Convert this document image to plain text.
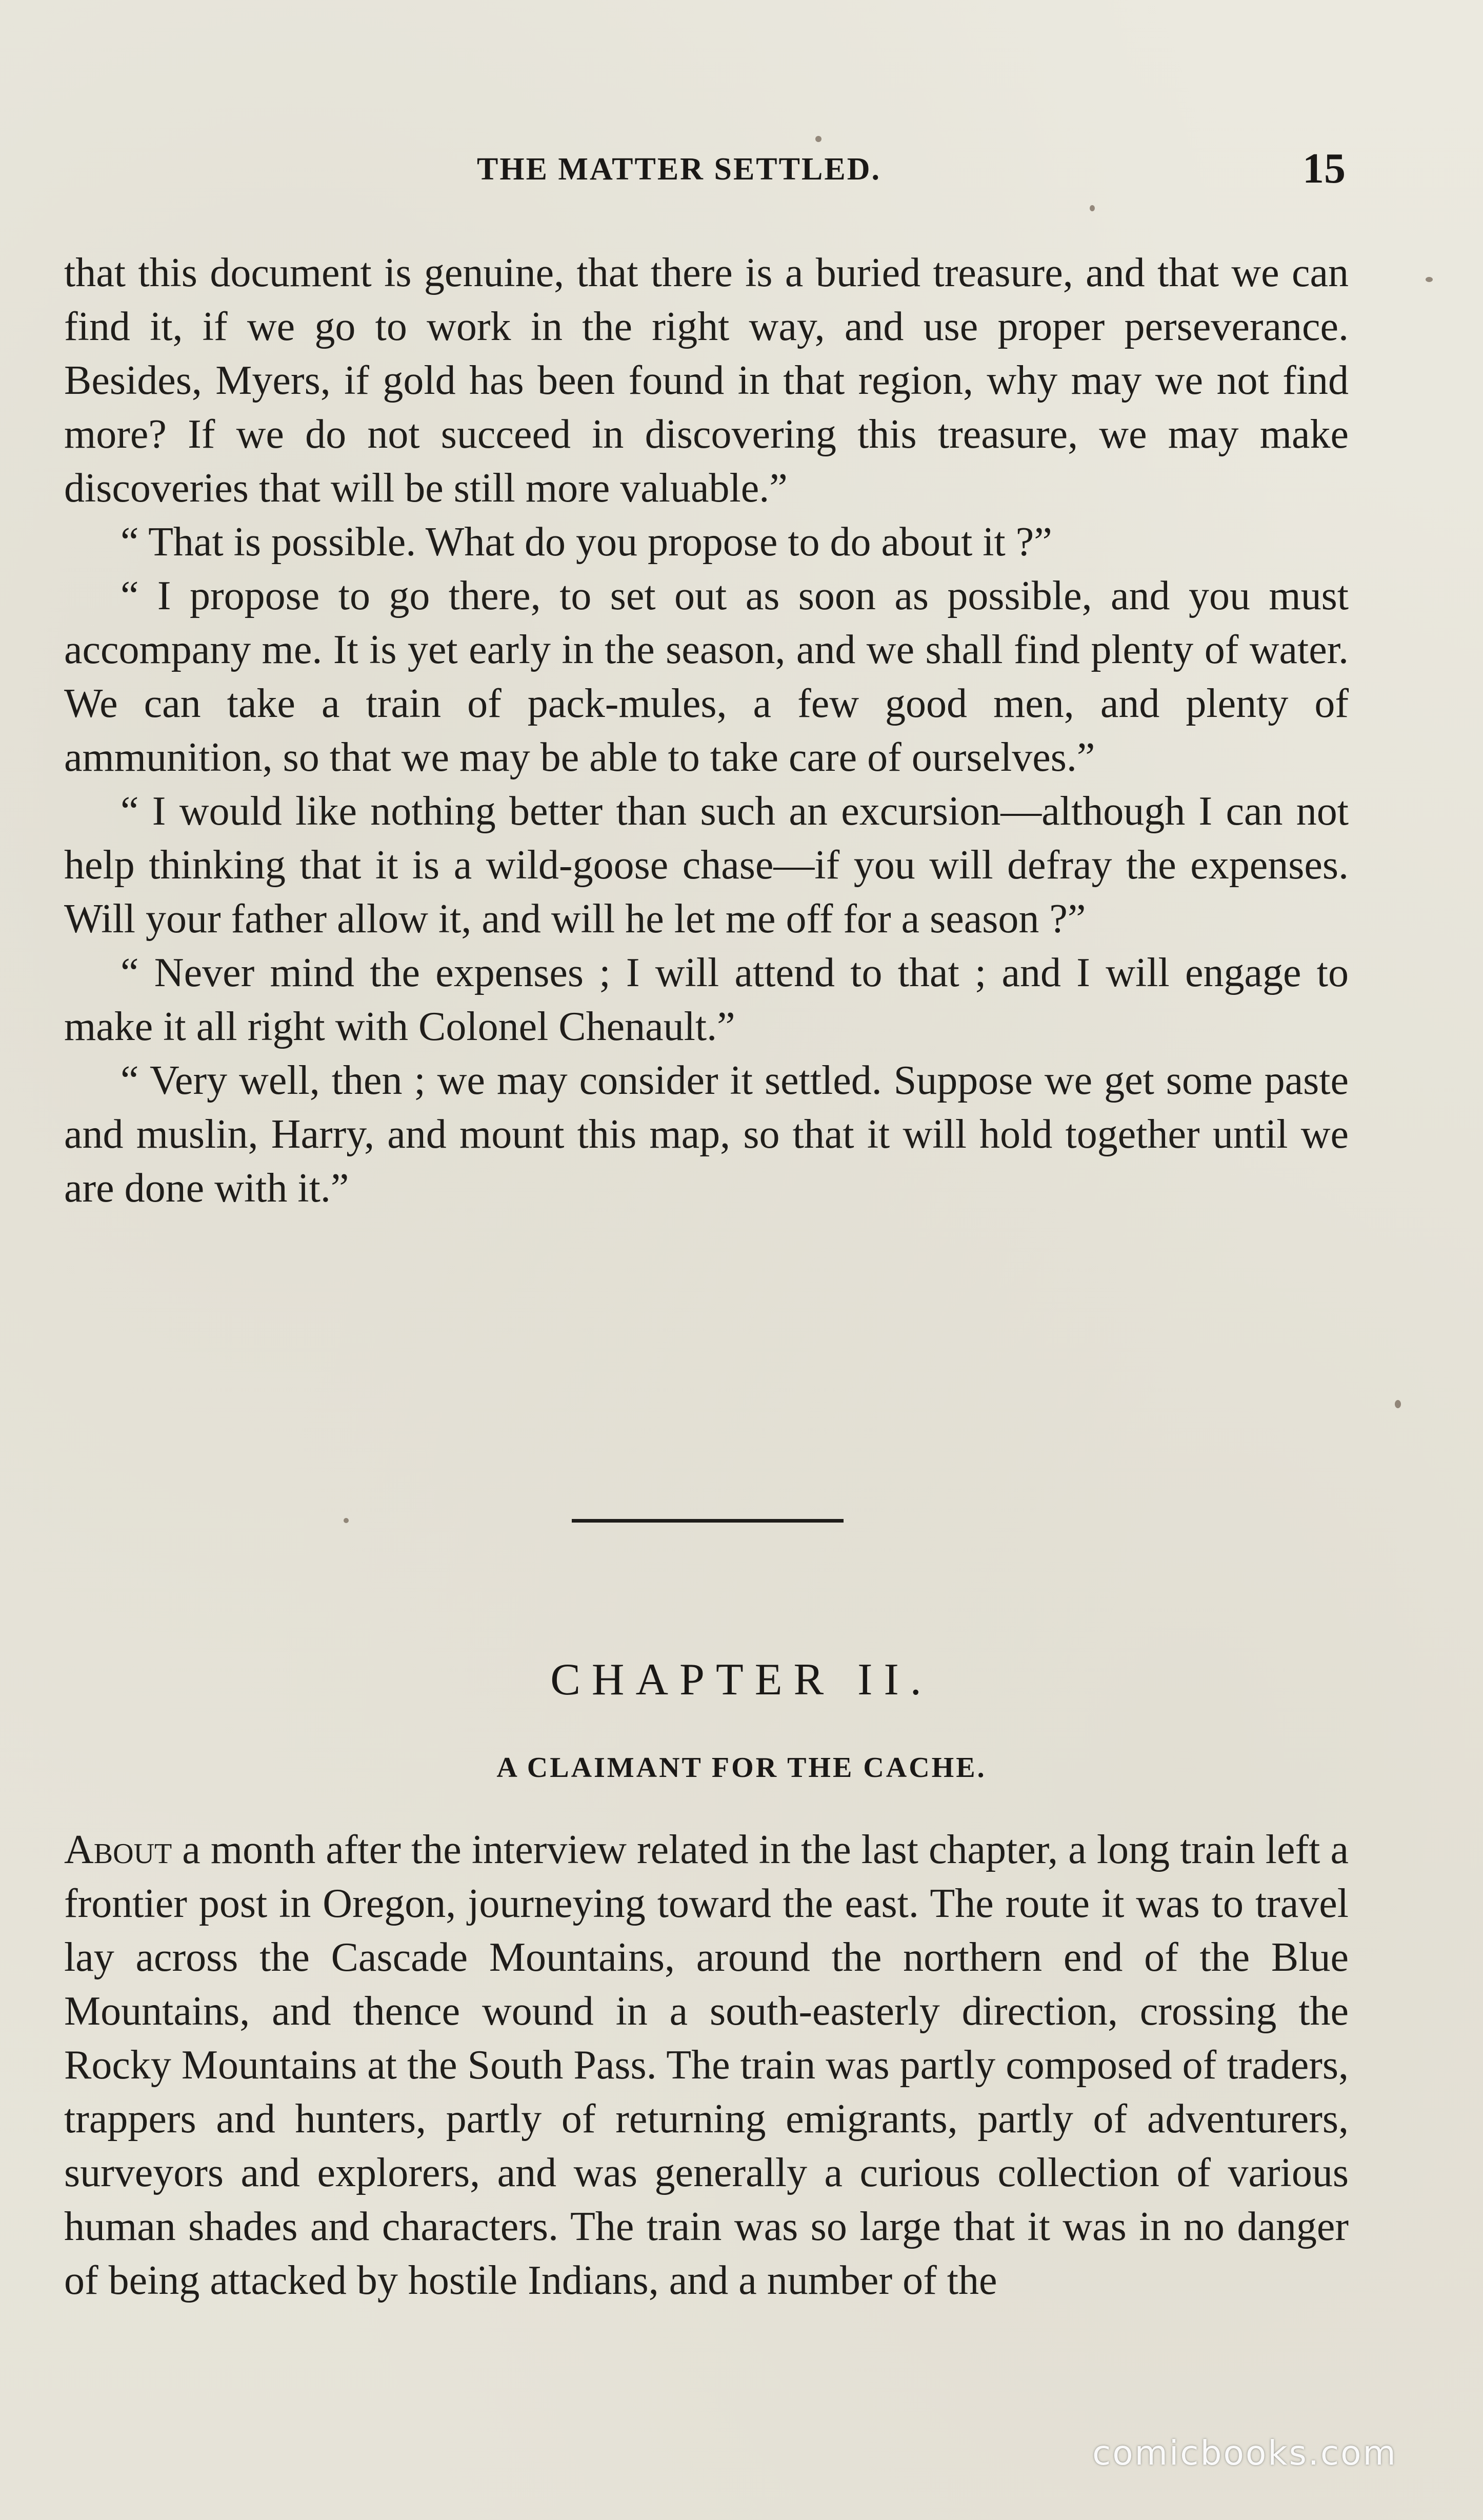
THE MATTER SETTLED.	15

that this document is genuine, that there is a buried treasure, and that we can find it, if we go to work in the right way, and use proper perseverance. Besides, Myers, if gold has been found in that region, why may we not find more? If we do not succeed in discovering this treasure, we may make discoveries that will be still more valuable.”

“ That is possible. What do you propose to do about it ?”

“ I propose to go there, to set out as soon as possible, and you must accompany me. It is yet early in the season, and we shall find plenty of water. We can take a train of pack-mules, a few good men, and plenty of ammunition, so that we may be able to take care of ourselves.”

“ I would like nothing better than such an excursion—although I can not help thinking that it is a wild-goose chase—if you will defray the expenses. Will your father allow it, and will he let me off for a season ?”

“ Never mind the expenses ; I will attend to that ; and I will engage to make it all right with Colonel Chenault.”

“ Very well, then ; we may consider it settled. Suppose we get some paste and muslin, Harry, and mount this map, so that it will hold together until we are done with it.”

CHAPTER II.
A CLAIMANT FOR THE CACHE.

About a month after the interview related in the last chapter, a long train left a frontier post in Oregon, journeying toward the east. The route it was to travel lay across the Cascade Mountains, around the northern end of the Blue Mountains, and thence wound in a south-easterly direction, crossing the Rocky Mountains at the South Pass. The train was partly composed of traders, trappers and hunters, partly of returning emigrants, partly of adventurers, surveyors and explorers, and was generally a curious collection of various human shades and characters. The train was so large that it was in no danger of being attacked by hostile Indians, and a number of the

comicbooks.com
